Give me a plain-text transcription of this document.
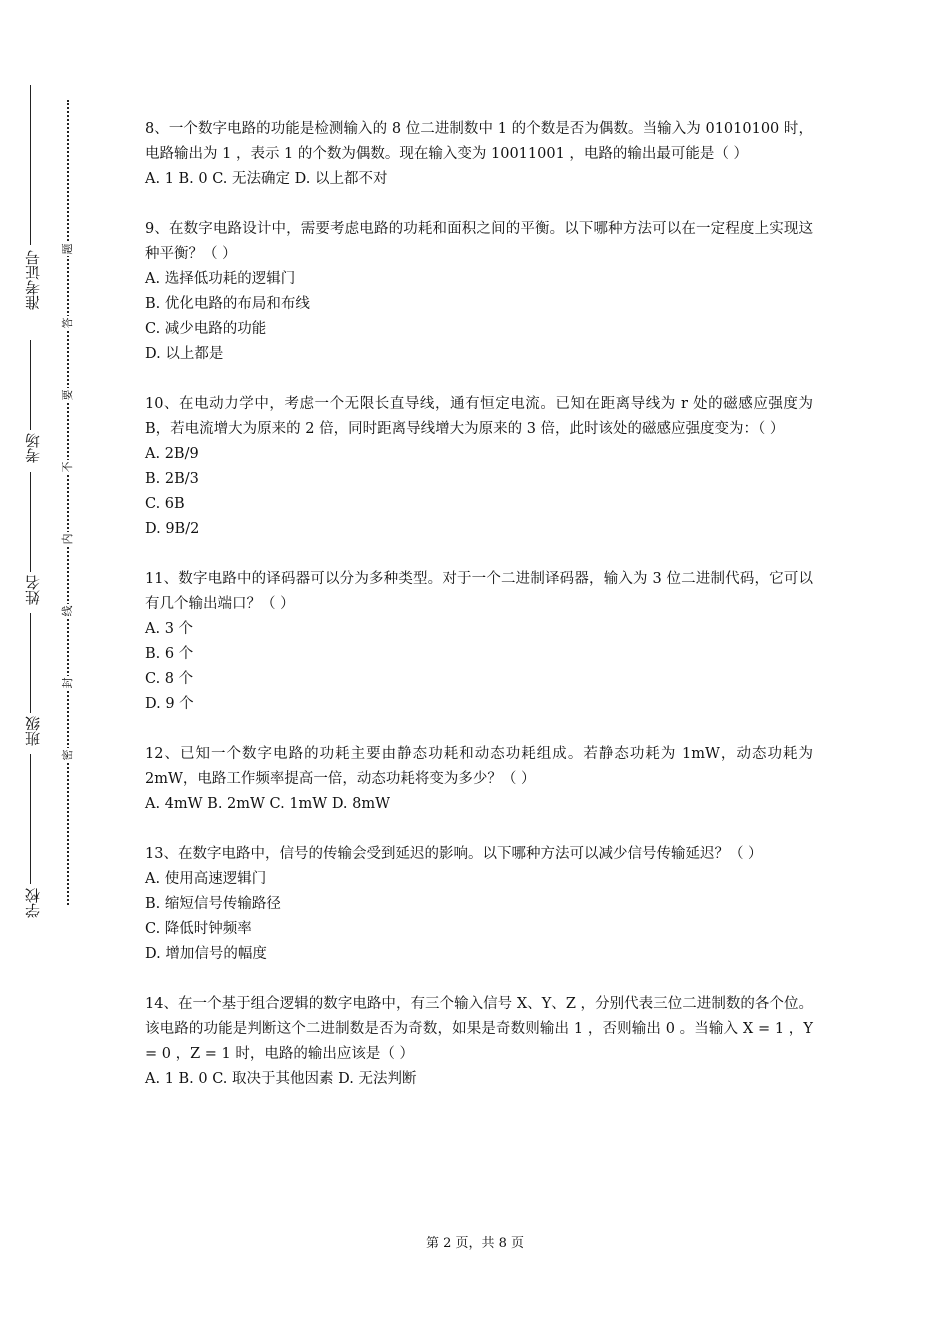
准考证号
考场
姓名
班级
学校
题
答
要
不
内
线
封
密

8、一个数字电路的功能是检测输入的 8 位二进制数中 1 的个数是否为偶数。当输入为 01010100 时，电路输出为 1 ，表示 1 的个数为偶数。现在输入变为 10011001 ，电路的输出最可能是（ ）

A. 1 B. 0 C. 无法确定 D. 以上都不对

9、在数字电路设计中，需要考虑电路的功耗和面积之间的平衡。以下哪种方法可以在一定程度上实现这种平衡？（ ）

A. 选择低功耗的逻辑门

B. 优化电路的布局和布线

C. 减少电路的功能

D. 以上都是

10、在电动力学中，考虑一个无限长直导线，通有恒定电流。已知在距离导线为 r 处的磁感应强度为 B，若电流增大为原来的 2 倍，同时距离导线增大为原来的 3 倍，此时该处的磁感应强度变为：（ ）

A. 2B/9

B. 2B/3

C. 6B

D. 9B/2

11、数字电路中的译码器可以分为多种类型。对于一个二进制译码器，输入为 3 位二进制代码，它可以有几个输出端口？（ ）

A. 3 个

B. 6 个

C. 8 个

D. 9 个

12、已知一个数字电路的功耗主要由静态功耗和动态功耗组成。若静态功耗为 1mW，动态功耗为 2mW，电路工作频率提高一倍，动态功耗将变为多少？（ ）

A. 4mW B. 2mW C. 1mW D. 8mW

13、在数字电路中，信号的传输会受到延迟的影响。以下哪种方法可以减少信号传输延迟？（ ）

A. 使用高速逻辑门

B. 缩短信号传输路径

C. 降低时钟频率

D. 增加信号的幅度

14、在一个基于组合逻辑的数字电路中，有三个输入信号 X、Y、Z ，分别代表三位二进制数的各个位。该电路的功能是判断这个二进制数是否为奇数，如果是奇数则输出 1 ，否则输出 0 。当输入 X = 1 ，Y = 0 ，Z = 1 时，电路的输出应该是（ ）

A. 1 B. 0 C. 取决于其他因素 D. 无法判断

第 2 页，共 8 页
